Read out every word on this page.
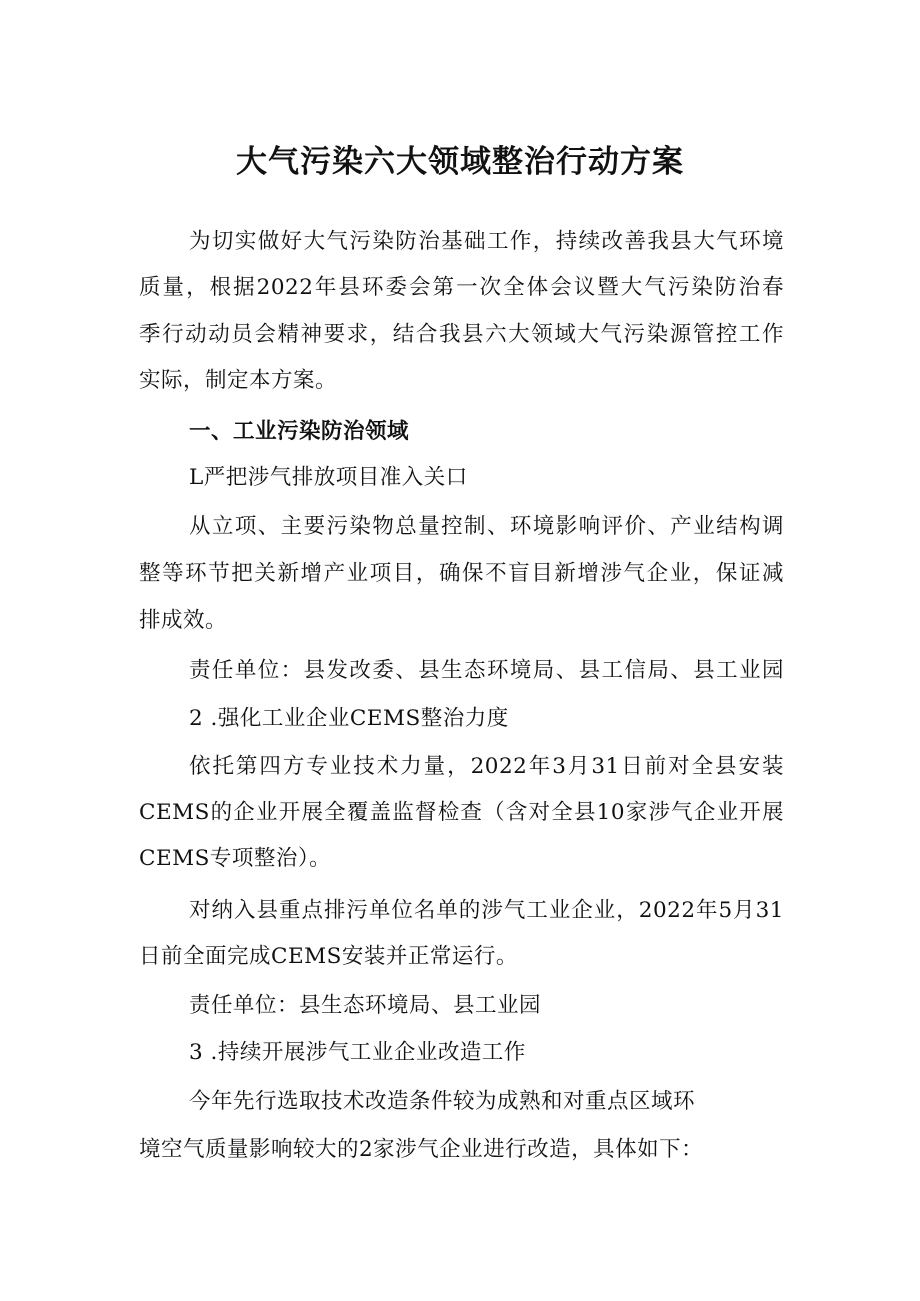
大气污染六大领域整治行动方案
为切实做好大气污染防治基础工作，持续改善我县大气环境
质量，根据2022年县环委会第一次全体会议暨大气污染防治春
季行动动员会精神要求，结合我县六大领域大气污染源管控工作
实际，制定本方案。
一、工业污染防治领域
L严把涉气排放项目准入关口
从立项、主要污染物总量控制、环境影响评价、产业结构调
整等环节把关新增产业项目，确保不盲目新增涉气企业，保证减
排成效。
责任单位：县发改委、县生态环境局、县工信局、县工业园
2 .强化工业企业CEMS整治力度
依托第四方专业技术力量，2022年3月31日前对全县安装
CEMS的企业开展全覆盖监督检查（含对全县10家涉气企业开展
CEMS专项整治）。
对纳入县重点排污单位名单的涉气工业企业，2022年5月31
日前全面完成CEMS安装并正常运行。
责任单位：县生态环境局、县工业园
3 .持续开展涉气工业企业改造工作
今年先行选取技术改造条件较为成熟和对重点区域环
境空气质量影响较大的2家涉气企业进行改造，具体如下：
